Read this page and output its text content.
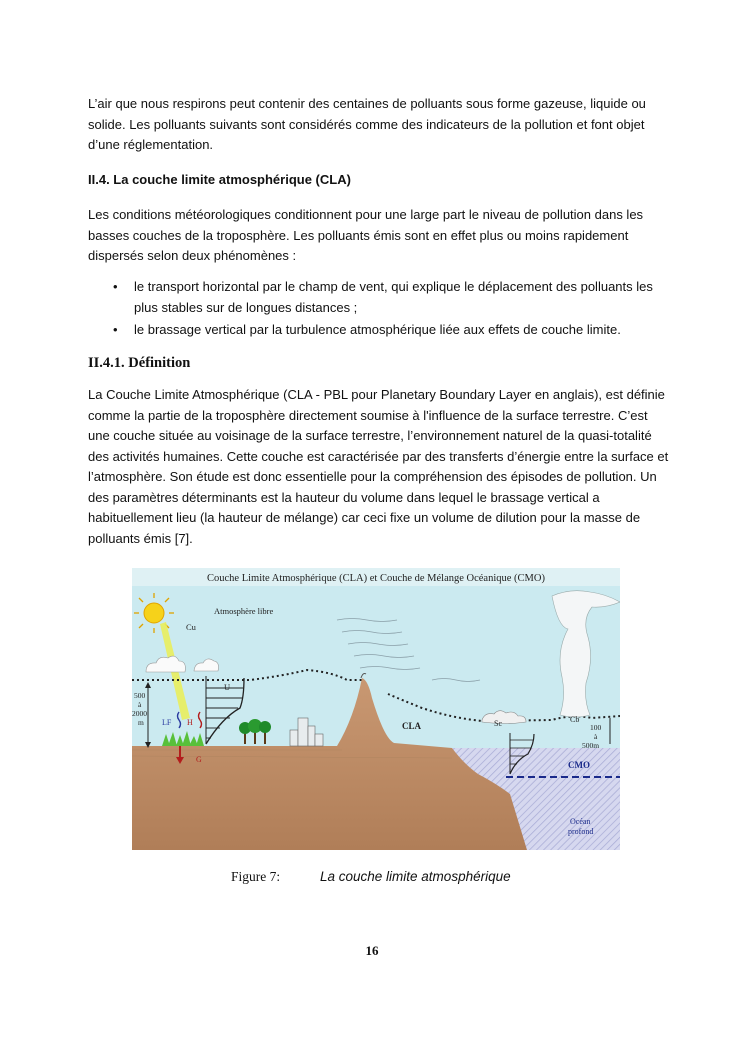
L’air que nous respirons peut contenir des centaines de polluants sous forme gazeuse, liquide ou solide. Les polluants suivants sont considérés comme des indicateurs de la pollution et font objet d’une réglementation.
II.4. La couche limite atmosphérique (CLA)
Les conditions météorologiques conditionnent pour une large part le niveau de pollution dans les basses couches de la troposphère. Les polluants émis sont en effet plus ou moins rapidement dispersés selon deux phénomènes :
• le transport horizontal par le champ de vent, qui explique le déplacement des polluants les plus stables sur de longues distances ;
• le brassage vertical par la turbulence atmosphérique liée aux effets de couche limite.
II.4.1. Définition
La Couche Limite Atmosphérique (CLA - PBL pour Planetary Boundary Layer en anglais), est définie comme la partie de la troposphère directement soumise à l'influence de la surface terrestre. C’est une couche située au voisinage de la surface terrestre, l’environnement naturel de la quasi-totalité des activités humaines. Cette couche est caractérisée par des transferts d’énergie entre la surface et l’atmosphère. Son étude est donc essentielle pour la compréhension des épisodes de pollution. Un des paramètres déterminants est la hauteur du volume dans lequel le brassage vertical a habituellement lieu (la hauteur de mélange) car ceci fixe un volume de dilution pour la masse de polluants émis [7].
Couche Limite Atmosphérique (CLA) et Couche de Mélange Océanique (CMO)
Atmosphère libre
Cu
500
à
2000
m
U
LF H
G
CLA	Sc	Cb
100
à
500m
CMO
Océan
profond
Figure 7:	La couche limite atmosphérique
16
